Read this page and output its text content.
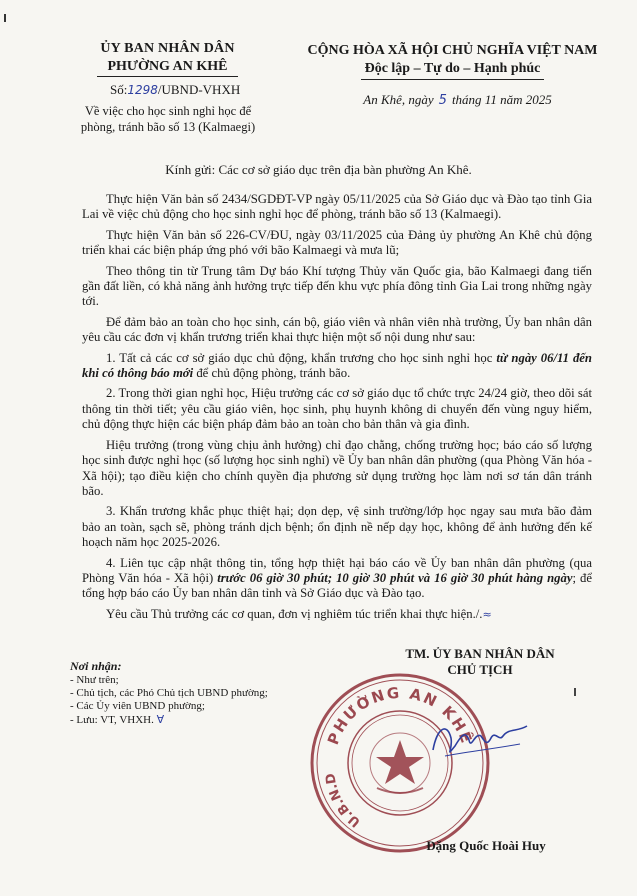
ỦY BAN NHÂN DÂN
PHƯỜNG AN KHÊ
Số:1298/UBND-VHXH
Về việc cho học sinh nghỉ học để
phòng, tránh bão số 13 (Kalmaegi)
CỘNG HÒA XÃ HỘI CHỦ NGHĨA VIỆT NAM
Độc lập – Tự do – Hạnh phúc
An Khê, ngày 5 tháng 11 năm 2025
Kính gửi: Các cơ sở giáo dục trên địa bàn phường An Khê.

Thực hiện Văn bản số 2434/SGDĐT-VP ngày 05/11/2025 của Sở Giáo dục và Đào tạo tỉnh Gia Lai về việc chủ động cho học sinh nghỉ học để phòng, tránh bão số 13 (Kalmaegi).

Thực hiện Văn bản số 226-CV/ĐU, ngày 03/11/2025 của Đảng ủy phường An Khê chủ động triển khai các biện pháp ứng phó với bão Kalmaegi và mưa lũ;

Theo thông tin từ Trung tâm Dự báo Khí tượng Thủy văn Quốc gia, bão Kalmaegi đang tiến gần đất liền, có khả năng ảnh hưởng trực tiếp đến khu vực phía đông tỉnh Gia Lai trong những ngày tới.

Để đảm bảo an toàn cho học sinh, cán bộ, giáo viên và nhân viên nhà trường, Ủy ban nhân dân yêu cầu các đơn vị khẩn trương triển khai thực hiện một số nội dung như sau:

1. Tất cả các cơ sở giáo dục chủ động, khẩn trương cho học sinh nghỉ học từ ngày 06/11 đến khi có thông báo mới để chủ động phòng, tránh bão.

2. Trong thời gian nghỉ học, Hiệu trưởng các cơ sở giáo dục tổ chức trực 24/24 giờ, theo dõi sát thông tin thời tiết; yêu cầu giáo viên, học sinh, phụ huynh không di chuyển đến vùng nguy hiểm, chủ động thực hiện các biện pháp đảm bảo an toàn cho bản thân và gia đình.

Hiệu trưởng (trong vùng chịu ảnh hưởng) chỉ đạo chằng, chống trường học; báo cáo số lượng học sinh được nghỉ học (số lượng học sinh nghỉ) về Ủy ban nhân dân phường (qua Phòng Văn hóa - Xã hội); tạo điều kiện cho chính quyền địa phương sử dụng trường học làm nơi sơ tán dân tránh bão.

3. Khẩn trương khắc phục thiệt hại; dọn dẹp, vệ sinh trường/lớp học ngay sau mưa bão đảm bảo an toàn, sạch sẽ, phòng tránh dịch bệnh; ổn định nề nếp dạy học, không để ảnh hưởng đến kế hoạch năm học 2025-2026.

4. Liên tục cập nhật thông tin, tổng hợp thiệt hại báo cáo về Ủy ban nhân dân phường (qua Phòng Văn hóa - Xã hội) trước 06 giờ 30 phút; 10 giờ 30 phút và 16 giờ 30 phút hàng ngày; để tổng hợp báo cáo Ủy ban nhân dân tỉnh và Sở Giáo dục và Đào tạo.

Yêu cầu Thủ trưởng các cơ quan, đơn vị nghiêm túc triển khai thực hiện./.≈

Nơi nhận:
- Như trên;
- Chủ tịch, các Phó Chủ tịch UBND phường;
- Các Ủy viên UBND phường;
- Lưu: VT, VHXH. ∀
PHƯỜNG AN KHÊ
U.B.N.D
TM. ỦY BAN NHÂN DÂN
CHỦ TỊCH
Đặng Quốc Hoài Huy
